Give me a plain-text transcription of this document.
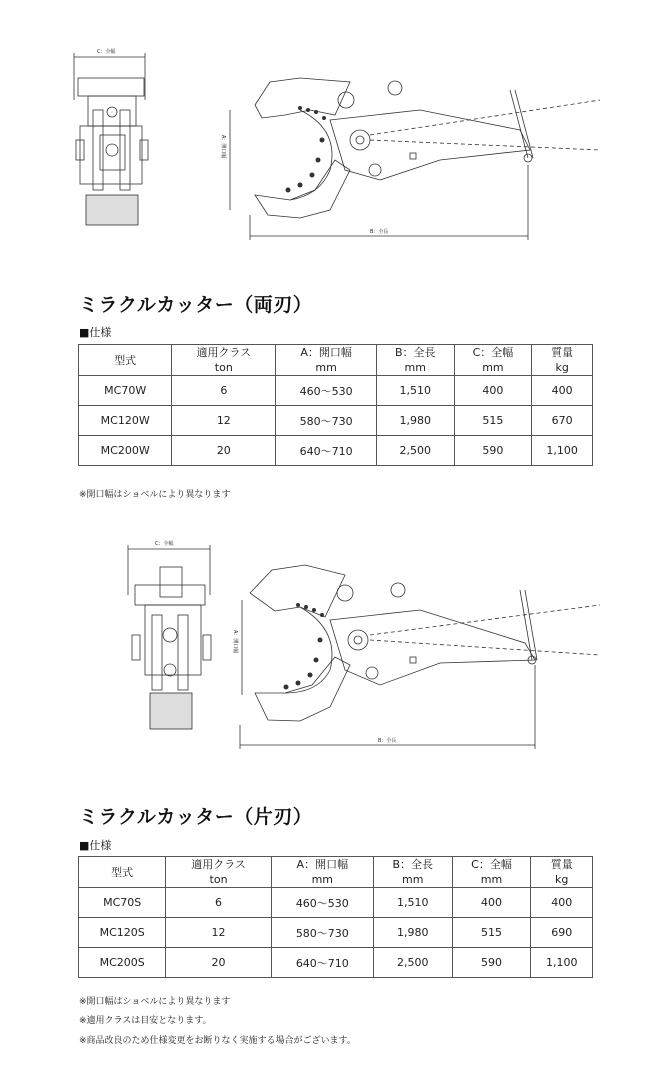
C：全幅
A：開口幅
B：全長
ミラクルカッター（両刃）
■仕様
型式	適用クラス	A：開口幅	B：全長	C：全幅	質量
	ton	mm	mm	mm	kg
MC70W	6	460～530	1,510	400	400
MC120W	12	580～730	1,980	515	670
MC200W	20	640～710	2,500	590	1,100
※開口幅はショベルにより異なります
C：全幅
A：開口幅
B：全長
ミラクルカッター（片刃）
■仕様
型式	適用クラス	A：開口幅	B：全長	C：全幅	質量
	ton	mm	mm	mm	kg
MC70S	6	460～530	1,510	400	400
MC120S	12	580～730	1,980	515	690
MC200S	20	640～710	2,500	590	1,100
※開口幅はショベルにより異なります
※適用クラスは目安となります。
※商品改良のため仕様変更をお断りなく実施する場合がございます。
